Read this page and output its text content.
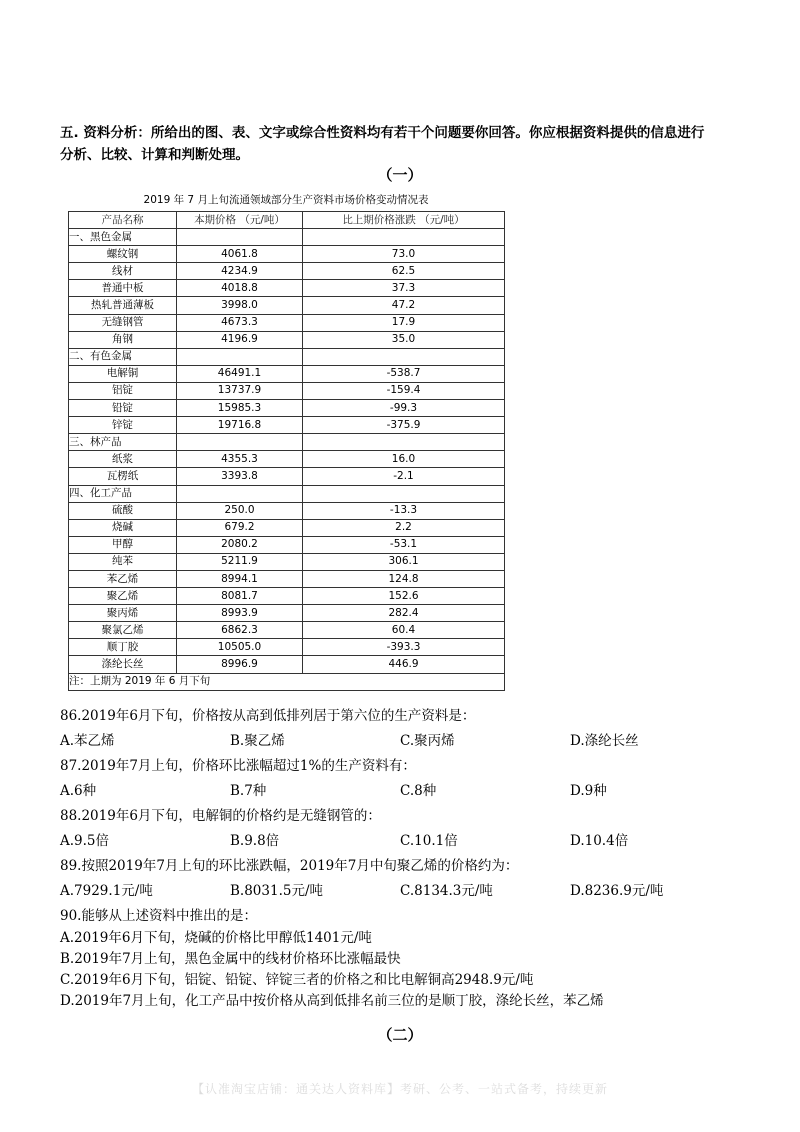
五. 资料分析：所给出的图、表、文字或综合性资料均有若干个问题要你回答。你应根据资料提供的信息进行
分析、比较、计算和判断处理。
（一）
2019 年 7 月上旬流通领域部分生产资料市场价格变动情况表
产品名称	本期价格 （元/吨）	比上期价格涨跌 （元/吨）
一、黑色金属		
螺纹钢	4061.8	73.0
线材	4234.9	62.5
普通中板	4018.8	37.3
热轧普通薄板	3998.0	47.2
无缝钢管	4673.3	17.9
角钢	4196.9	35.0
二、有色金属		
电解铜	46491.1	-538.7
铝锭	13737.9	-159.4
铅锭	15985.3	-99.3
锌锭	19716.8	-375.9
三、林产品		
纸浆	4355.3	16.0
瓦楞纸	3393.8	-2.1
四、化工产品		
硫酸	250.0	-13.3
烧碱	679.2	2.2
甲醇	2080.2	-53.1
纯苯	5211.9	306.1
苯乙烯	8994.1	124.8
聚乙烯	8081.7	152.6
聚丙烯	8993.9	282.4
聚氯乙烯	6862.3	60.4
顺丁胶	10505.0	-393.3
涤纶长丝	8996.9	446.9
注：上期为 2019 年 6 月下旬		
86.2019年6月下旬，价格按从高到低排列居于第六位的生产资料是：
A.苯乙烯	B.聚乙烯	C.聚丙烯	D.涤纶长丝
87.2019年7月上旬，价格环比涨幅超过1%的生产资料有：
A.6种	B.7种	C.8种	D.9种
88.2019年6月下旬，电解铜的价格约是无缝钢管的：
A.9.5倍	B.9.8倍	C.10.1倍	D.10.4倍
89.按照2019年7月上旬的环比涨跌幅，2019年7月中旬聚乙烯的价格约为：
A.7929.1元/吨	B.8031.5元/吨	C.8134.3元/吨	D.8236.9元/吨
90.能够从上述资料中推出的是：
A.2019年6月下旬，烧碱的价格比甲醇低1401元/吨
B.2019年7月上旬，黑色金属中的线材价格环比涨幅最快
C.2019年6月下旬，铝锭、铅锭、锌锭三者的价格之和比电解铜高2948.9元/吨
D.2019年7月上旬，化工产品中按价格从高到低排名前三位的是顺丁胶，涤纶长丝，苯乙烯
（二）
【认准淘宝店铺：通关达人资料库】考研、公考、一站式备考，持续更新
